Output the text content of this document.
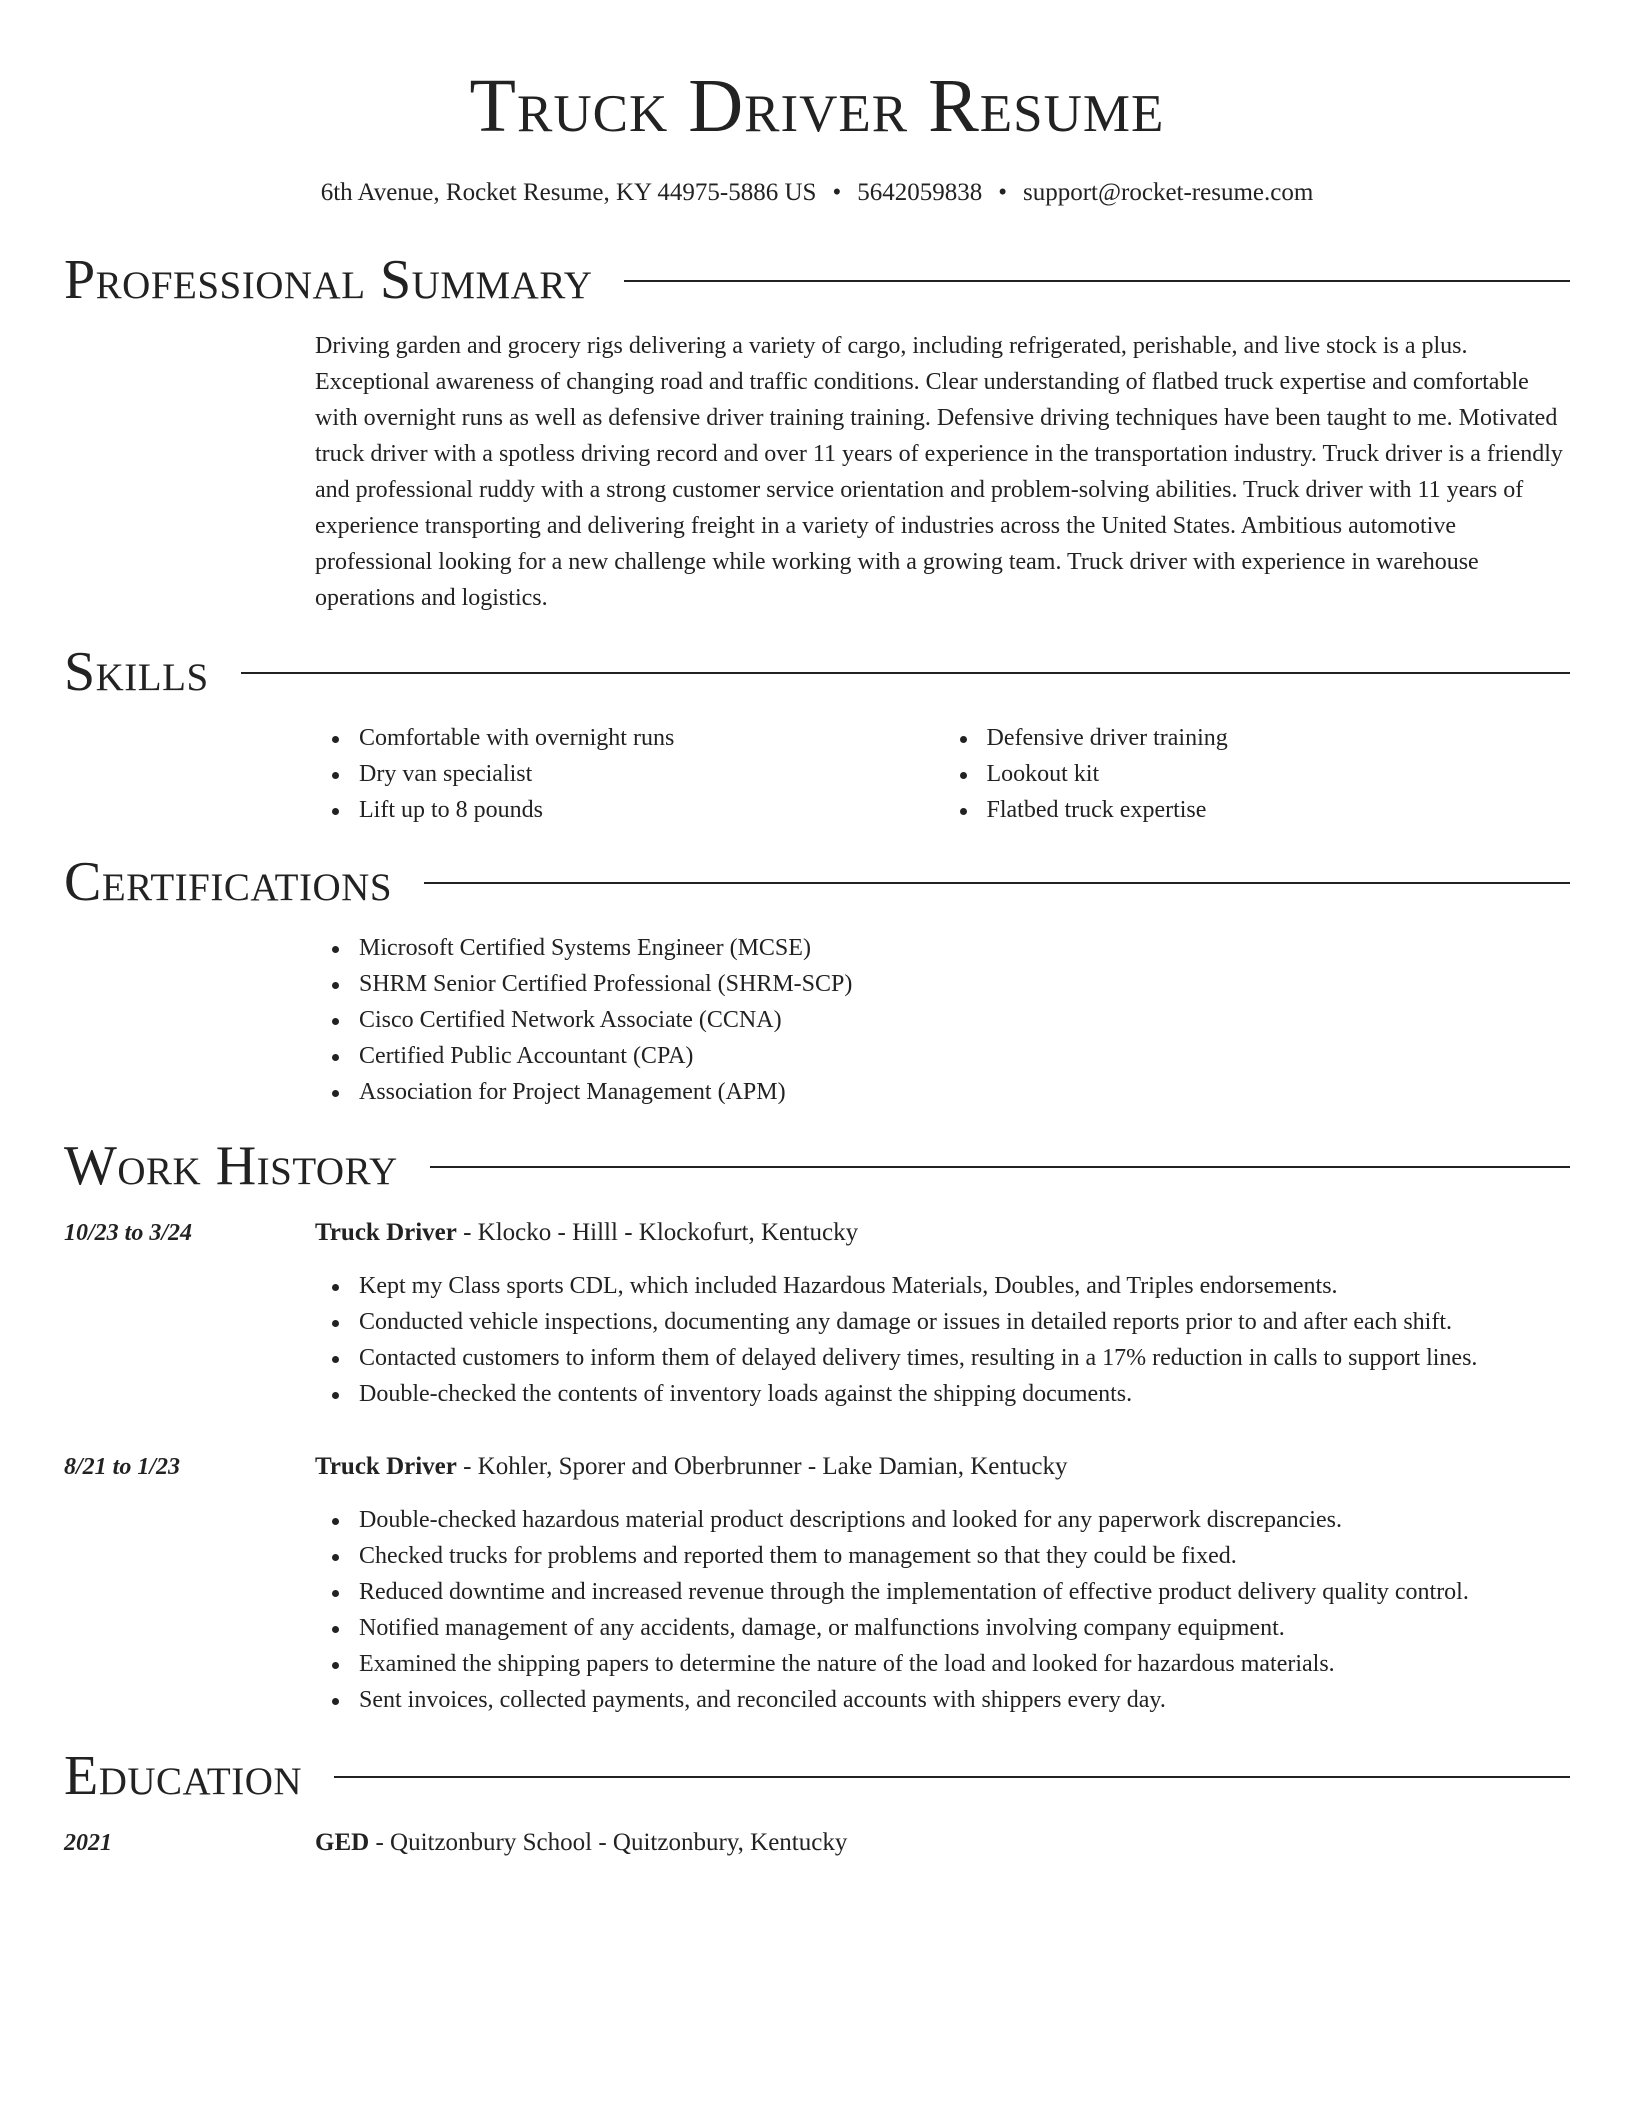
Truck Driver Resume
6th Avenue, Rocket Resume, KY 44975-5886 US • 5642059838 • support@rocket-resume.com
Professional Summary

Driving garden and grocery rigs delivering a variety of cargo, including refrigerated, perishable, and live stock is a plus. Exceptional awareness of changing road and traffic conditions. Clear understanding of flatbed truck expertise and comfortable with overnight runs as well as defensive driver training training. Defensive driving techniques have been taught to me. Motivated truck driver with a spotless driving record and over 11 years of experience in the transportation industry. Truck driver is a friendly and professional ruddy with a strong customer service orientation and problem-solving abilities. Truck driver with 11 years of experience transporting and delivering freight in a variety of industries across the United States. Ambitious automotive professional looking for a new challenge while working with a growing team. Truck driver with experience in warehouse operations and logistics.

Skills
Comfortable with overnight runs
Dry van specialist
Lift up to 8 pounds
Defensive driver training
Lookout kit
Flatbed truck expertise
Certifications
Microsoft Certified Systems Engineer (MCSE)
SHRM Senior Certified Professional (SHRM-SCP)
Cisco Certified Network Associate (CCNA)
Certified Public Accountant (CPA)
Association for Project Management (APM)
Work History
10/23 to 3/24	Truck Driver - Klocko - Hilll - Klockofurt, Kentucky
Kept my Class sports CDL, which included Hazardous Materials, Doubles, and Triples endorsements.
Conducted vehicle inspections, documenting any damage or issues in detailed reports prior to and after each shift.
Contacted customers to inform them of delayed delivery times, resulting in a 17% reduction in calls to support lines.
Double-checked the contents of inventory loads against the shipping documents.
8/21 to 1/23	Truck Driver - Kohler, Sporer and Oberbrunner - Lake Damian, Kentucky
Double-checked hazardous material product descriptions and looked for any paperwork discrepancies.
Checked trucks for problems and reported them to management so that they could be fixed.
Reduced downtime and increased revenue through the implementation of effective product delivery quality control.
Notified management of any accidents, damage, or malfunctions involving company equipment.
Examined the shipping papers to determine the nature of the load and looked for hazardous materials.
Sent invoices, collected payments, and reconciled accounts with shippers every day.
Education
2021	GED - Quitzonbury School - Quitzonbury, Kentucky
